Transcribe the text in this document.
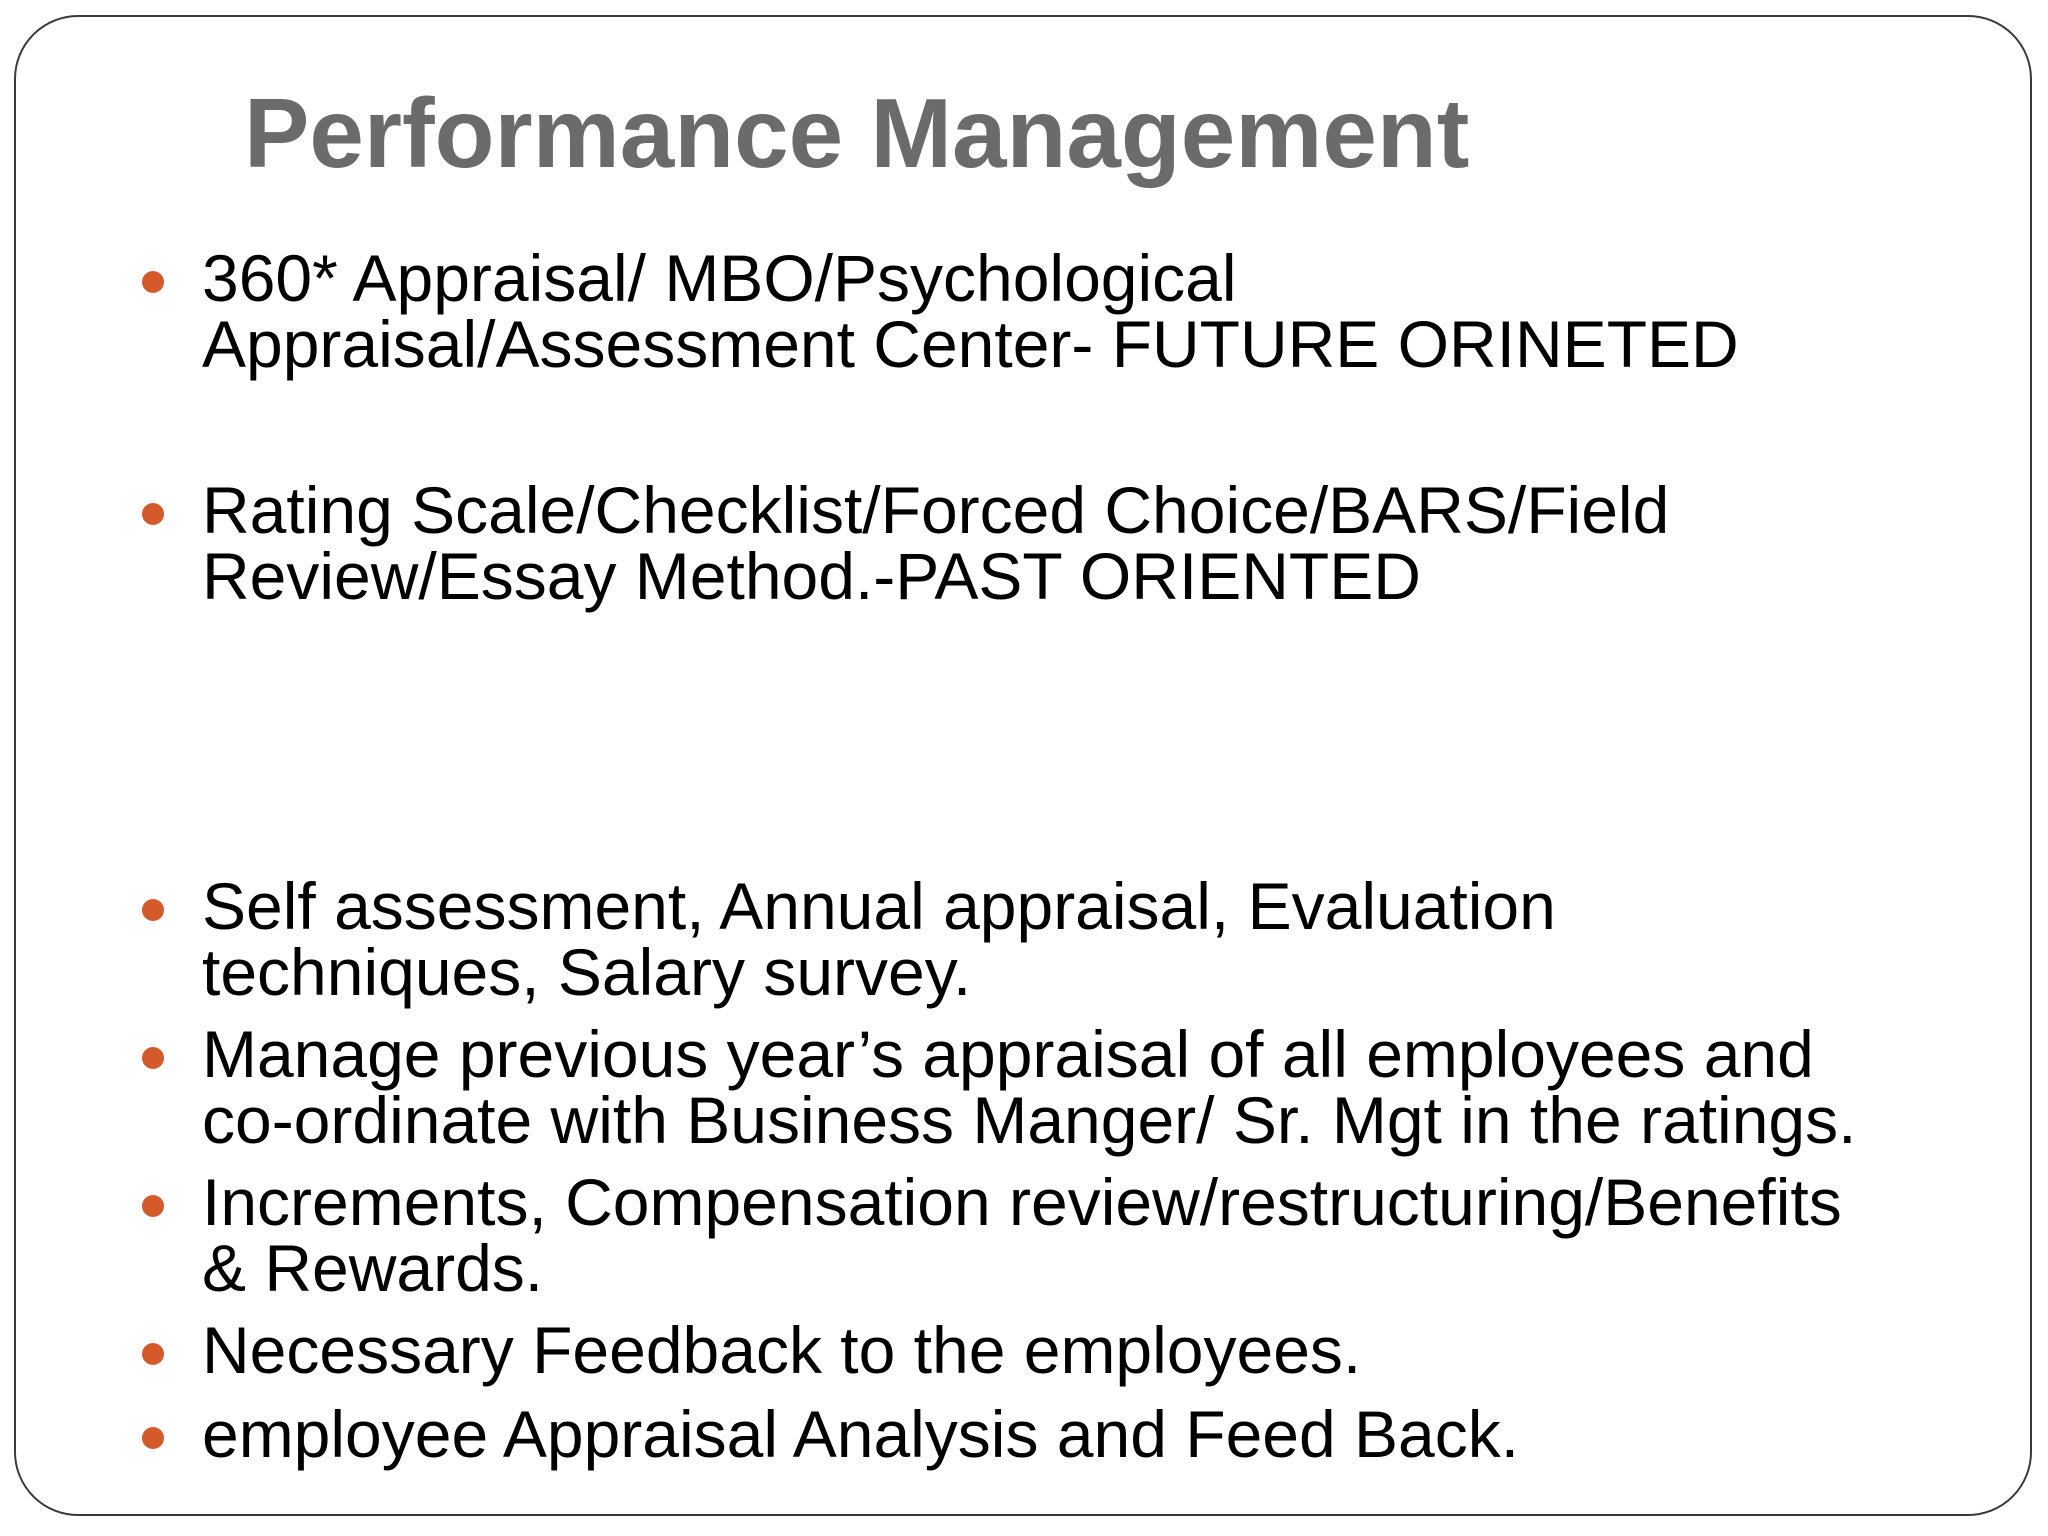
Performance Management
360* Appraisal/ MBO/Psychological
Appraisal/Assessment Center- FUTURE ORINETED
Rating Scale/Checklist/Forced Choice/BARS/Field
Review/Essay Method.-PAST ORIENTED
Self assessment, Annual appraisal, Evaluation
techniques, Salary survey.
Manage previous year’s appraisal of all employees and
co-ordinate with Business Manger/ Sr. Mgt in the ratings.
Increments, Compensation review/restructuring/Benefits
& Rewards.
Necessary Feedback to the employees.
employee Appraisal Analysis and Feed Back.
